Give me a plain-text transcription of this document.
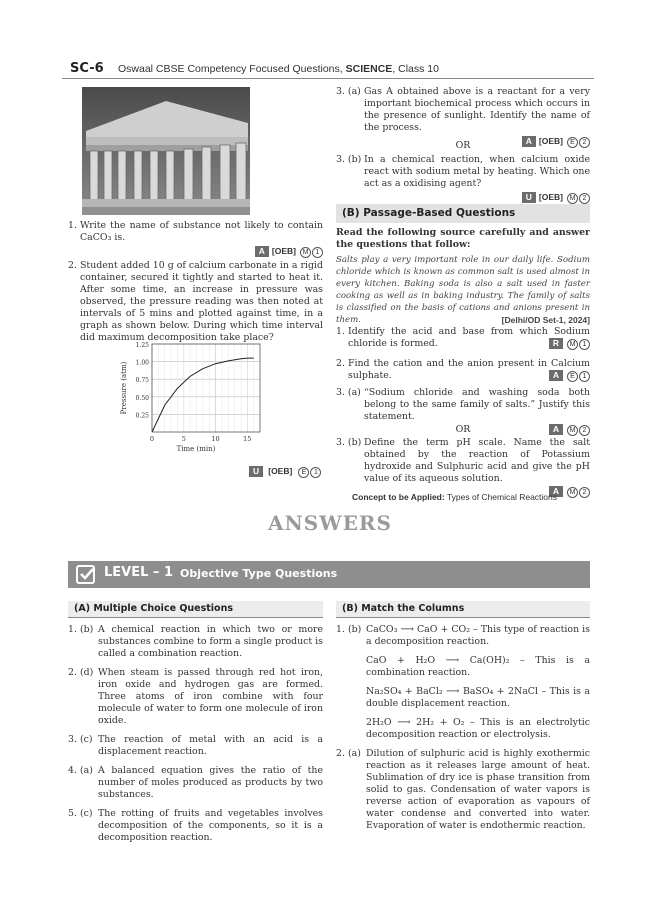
SC-6 Oswaal CBSE Competency Focused Questions, SCIENCE, Class 10
1. Write the name of substance not likely to contain CaCO₃ is.
A [OEB] M 1
2. Student added 10 g of calcium carbonate in a rigid container, secured it tightly and started to heat it. After some time, an increase in pressure was observed, the pressure reading was then noted at intervals of 5 mins and plotted against time, in a graph as shown below. During which time interval did maximum decomposition take place?
0.25
0.50
0.75
1.00
1.25
0	5	10	15
Time (min)
Pressure (atm)
U [OEB] E 1
3. (a) Gas A obtained above is a reactant for a very important biochemical process which occurs in the presence of sunlight. Identify the name of the process.
A [OEB] E 2
OR
3. (b) In a chemical reaction, when calcium oxide react with sodium metal by heating. Which one act as a oxidising agent?
U [OEB] M 2
(B) Passage-Based Questions
Read the following source carefully and answer the questions that follow:
Salts play a very important role in our daily life. Sodium chloride which is known as common salt is used almost in every kitchen. Baking soda is also a salt used in faster cooking as well as in baking industry. The family of salts is classified on the basis of cations and anions present in them.	[Delhi/OD Set-1, 2024]
1. Identify the acid and base from which Sodium chloride is formed.	R M 1
2. Find the cation and the anion present in Calcium sulphate.	A E 1
3. (a) “Sodium chloride and washing soda both belong to the same family of salts.” Justify this statement.
A M 2
OR
3. (b) Define the term pH scale. Name the salt obtained by the reaction of Potassium hydroxide and Sulphuric acid and give the pH value of its aqueous solution.
A M 2
Concept to be Applied: Types of Chemical Reactions
ANSWERS
LEVEL – 1 Objective Type Questions
(A) Multiple Choice Questions
1. (b) A chemical reaction in which two or more substances combine to form a single product is called a combination reaction.
2. (d) When steam is passed through red hot iron, iron oxide and hydrogen gas are formed. Three atoms of iron combine with four molecule of water to form one molecule of iron oxide.
3. (c) The reaction of metal with an acid is a displacement reaction.
4. (a) A balanced equation gives the ratio of the number of moles produced as products by two substances.
5. (c) The rotting of fruits and vegetables involves decomposition of the components, so it is a decomposition reaction.
(B) Match the Columns
1. (b) CaCO₃ ⟶ CaO + CO₂ – This type of reaction is a decomposition reaction.
CaO + H₂O ⟶ Ca(OH)₂ – This is a combination reaction.
Na₂SO₄ + BaCl₂ ⟶ BaSO₄ + 2NaCl – This is a double displacement reaction.
2H₂O ⟶ 2H₂ + O₂ – This is an electrolytic decomposition reaction or electrolysis.
2. (a) Dilution of sulphuric acid is highly exothermic reaction as it releases large amount of heat. Sublimation of dry ice is phase transition from solid to gas. Condensation of water vapors is reverse action of evaporation as vapours of water condense and converted into water. Evaporation of water is endothermic reaction.
